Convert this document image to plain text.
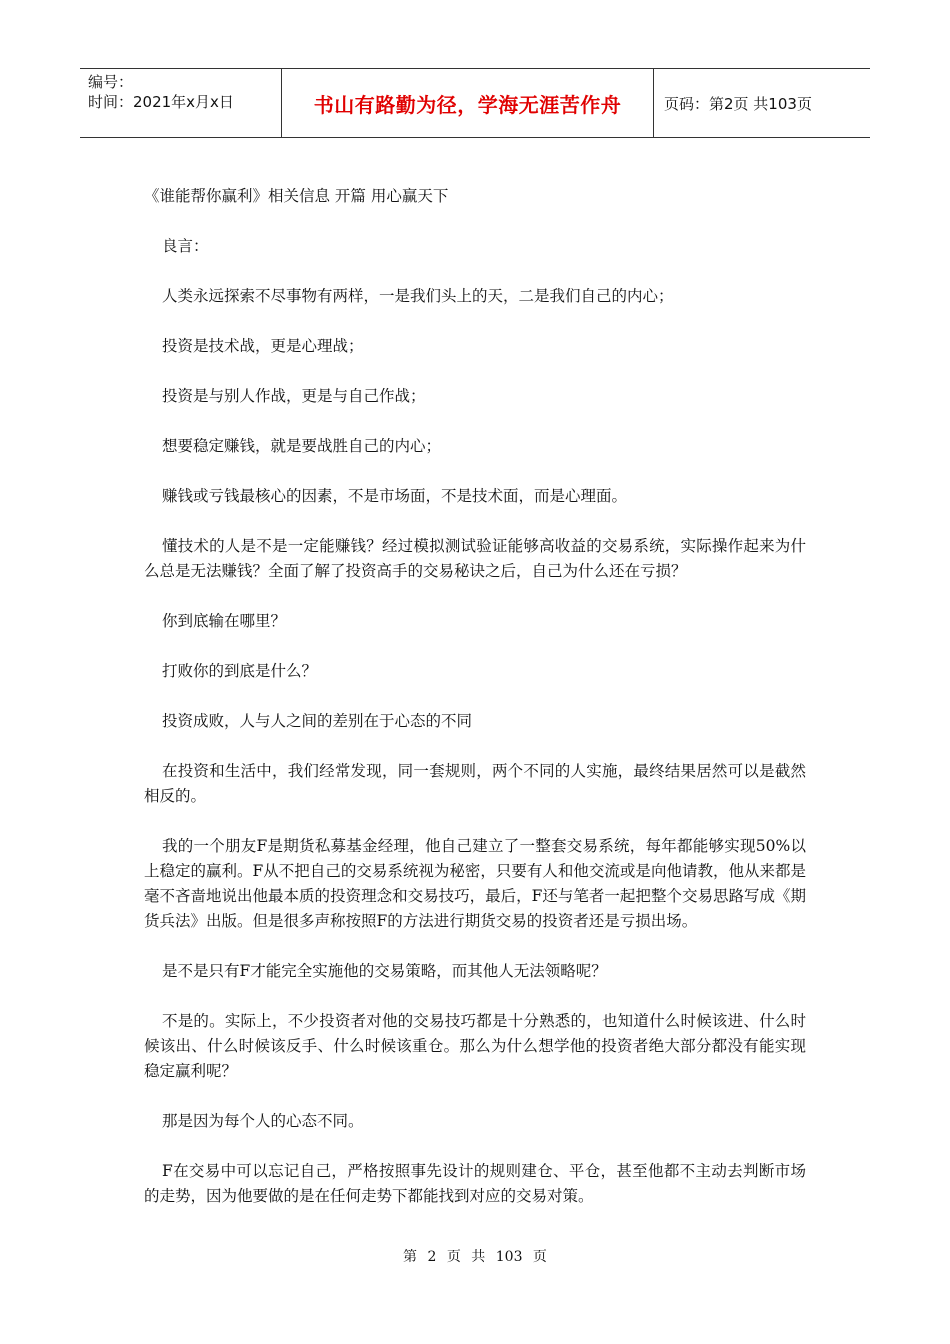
编号：
时间：2021年x月x日	书山有路勤为径，学海无涯苦作舟	页码：第2页 共103页

《谁能帮你赢利》相关信息 开篇 用心赢天下

良言：

人类永远探索不尽事物有两样，一是我们头上的天，二是我们自己的内心；

投资是技术战，更是心理战；

投资是与别人作战，更是与自己作战；

想要稳定赚钱，就是要战胜自己的内心；

赚钱或亏钱最核心的因素，不是市场面，不是技术面，而是心理面。

懂技术的人是不是一定能赚钱？经过模拟测试验证能够高收益的交易系统，实际操作起来为什么总是无法赚钱？全面了解了投资高手的交易秘诀之后，自己为什么还在亏损？

你到底输在哪里？

打败你的到底是什么？

投资成败，人与人之间的差别在于心态的不同

在投资和生活中，我们经常发现，同一套规则，两个不同的人实施，最终结果居然可以是截然相反的。

我的一个朋友F是期货私募基金经理，他自己建立了一整套交易系统，每年都能够实现50%以上稳定的赢利。F从不把自己的交易系统视为秘密，只要有人和他交流或是向他请教，他从来都是毫不吝啬地说出他最本质的投资理念和交易技巧，最后，F还与笔者一起把整个交易思路写成《期货兵法》出版。但是很多声称按照F的方法进行期货交易的投资者还是亏损出场。

是不是只有F才能完全实施他的交易策略，而其他人无法领略呢？

不是的。实际上，不少投资者对他的交易技巧都是十分熟悉的，也知道什么时候该进、什么时候该出、什么时候该反手、什么时候该重仓。那么为什么想学他的投资者绝大部分都没有能实现稳定赢利呢？

那是因为每个人的心态不同。

F在交易中可以忘记自己，严格按照事先设计的规则建仓、平仓，甚至他都不主动去判断市场的走势，因为他要做的是在任何走势下都能找到对应的交易对策。

第 2 页 共 103 页
